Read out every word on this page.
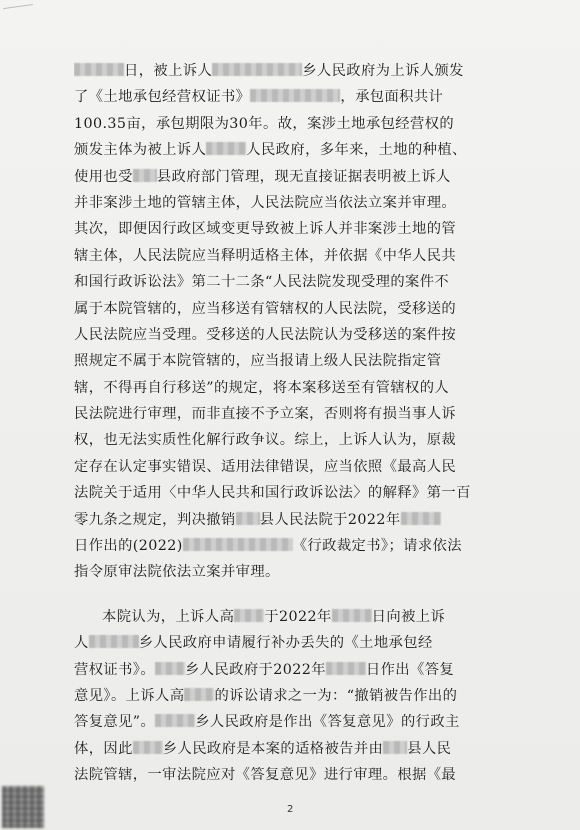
日，被上诉人	乡人民政府为上诉人颁发
了《土地承包经营权证书》	，承包面积共计
100.35亩，承包期限为30年。故，案涉土地承包经营权的
颁发主体为被上诉人	人民政府，多年来，土地的种植、
使用也受 县政府部门管理，现无直接证据表明被上诉人
并非案涉土地的管辖主体，人民法院应当依法立案并审理。
其次，即便因行政区域变更导致被上诉人并非案涉土地的管
辖主体，人民法院应当释明适格主体，并依据《中华人民共
和国行政诉讼法》第二十二条“人民法院发现受理的案件不
属于本院管辖的，应当移送有管辖权的人民法院，受移送的
人民法院应当受理。受移送的人民法院认为受移送的案件按
照规定不属于本院管辖的，应当报请上级人民法院指定管
辖，不得再自行移送”的规定，将本案移送至有管辖权的人
民法院进行审理，而非直接不予立案，否则将有损当事人诉
权，也无法实质性化解行政争议。综上，上诉人认为，原裁
定存在认定事实错误、适用法律错误，应当依照《最高人民
法院关于适用〈中华人民共和国行政诉讼法〉的解释》第一百
零九条之规定，判决撤销 县人民法院于2022年
日作出的(2022)	《行政裁定书》；请求依法
指令原审法院依法立案并审理。
本院认为，上诉人高 于2022年	日向被上诉
人	乡人民政府申请履行补办丢失的《土地承包经
营权证书》。 乡人民政府于2022年	日作出《答复
意见》。上诉人高 的诉讼请求之一为：“撤销被告作出的
答复意见”。	乡人民政府是作出《答复意见》的行政主
体，因此 乡人民政府是本案的适格被告并由 县人民
法院管辖，一审法院应对《答复意见》进行审理。根据《最
2
